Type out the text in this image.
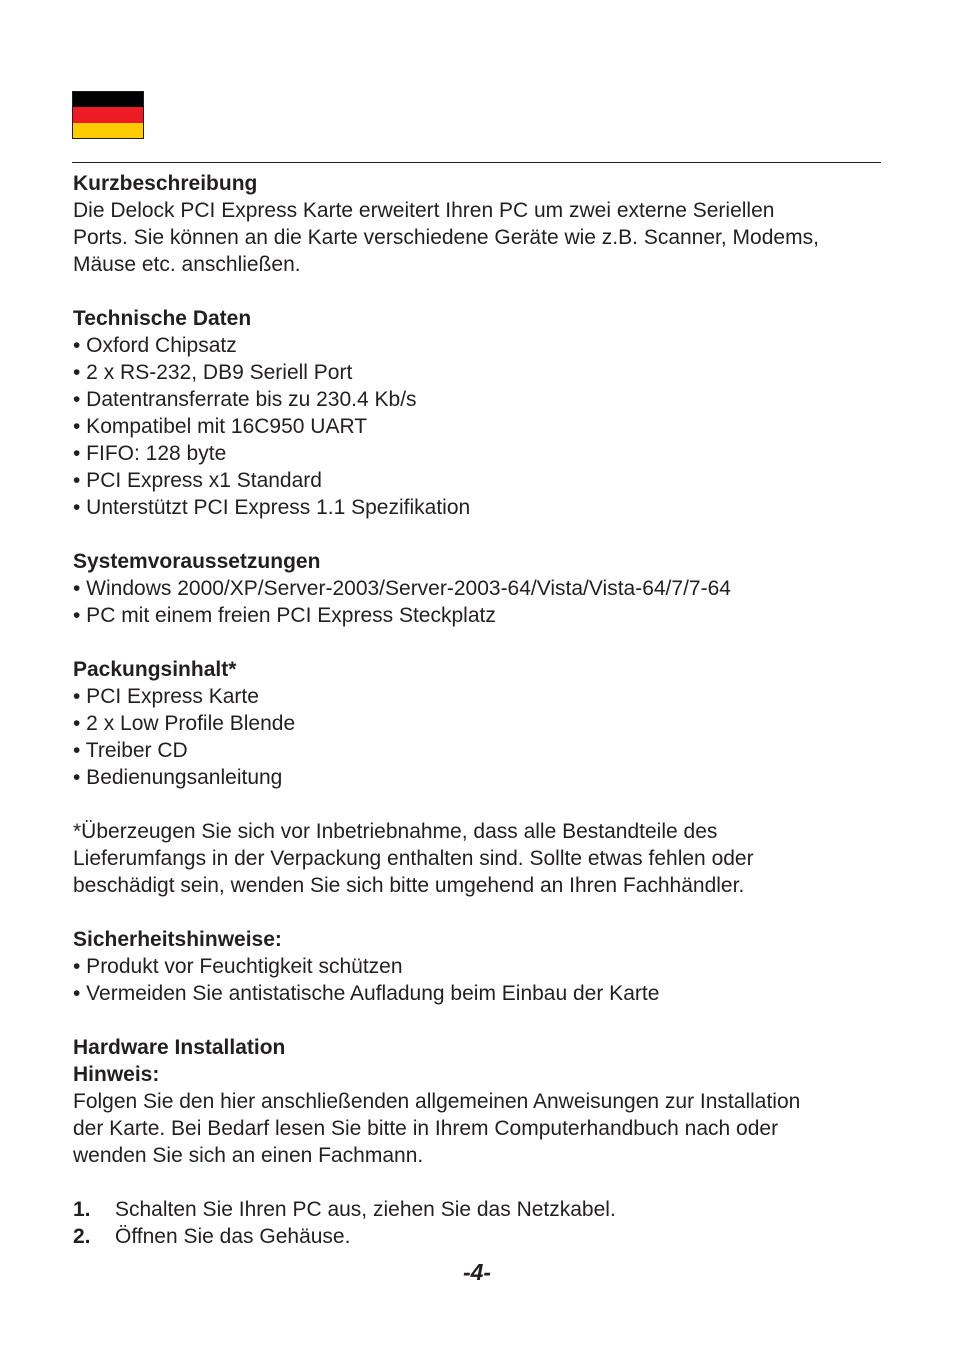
Kurzbeschreibung

Die Delock PCI Express Karte erweitert Ihren PC um zwei externe Seriellen

Ports. Sie können an die Karte verschiedene Geräte wie z.B. Scanner, Modems,

Mäuse etc. anschließen.

Technische Daten

• Oxford Chipsatz

• 2 x RS-232, DB9 Seriell Port

• Datentransferrate bis zu 230.4 Kb/s

• Kompatibel mit 16C950 UART

• FIFO: 128 byte

• PCI Express x1 Standard

• Unterstützt PCI Express 1.1 Spezifikation

Systemvoraussetzungen

• Windows 2000/XP/Server-2003/Server-2003-64/Vista/Vista-64/7/7-64

• PC mit einem freien PCI Express Steckplatz

Packungsinhalt*

• PCI Express Karte

• 2 x Low Profile Blende

• Treiber CD

• Bedienungsanleitung

*Überzeugen Sie sich vor Inbetriebnahme, dass alle Bestandteile des

Lieferumfangs in der Verpackung enthalten sind. Sollte etwas fehlen oder

beschädigt sein, wenden Sie sich bitte umgehend an Ihren Fachhändler.

Sicherheitshinweise:

• Produkt vor Feuchtigkeit schützen

• Vermeiden Sie antistatische Aufladung beim Einbau der Karte

Hardware Installation

Hinweis:

Folgen Sie den hier anschließenden allgemeinen Anweisungen zur Installation

der Karte. Bei Bedarf lesen Sie bitte in Ihrem Computerhandbuch nach oder

wenden Sie sich an einen Fachmann.

1. Schalten Sie Ihren PC aus, ziehen Sie das Netzkabel.

2. Öffnen Sie das Gehäuse.

-4-
